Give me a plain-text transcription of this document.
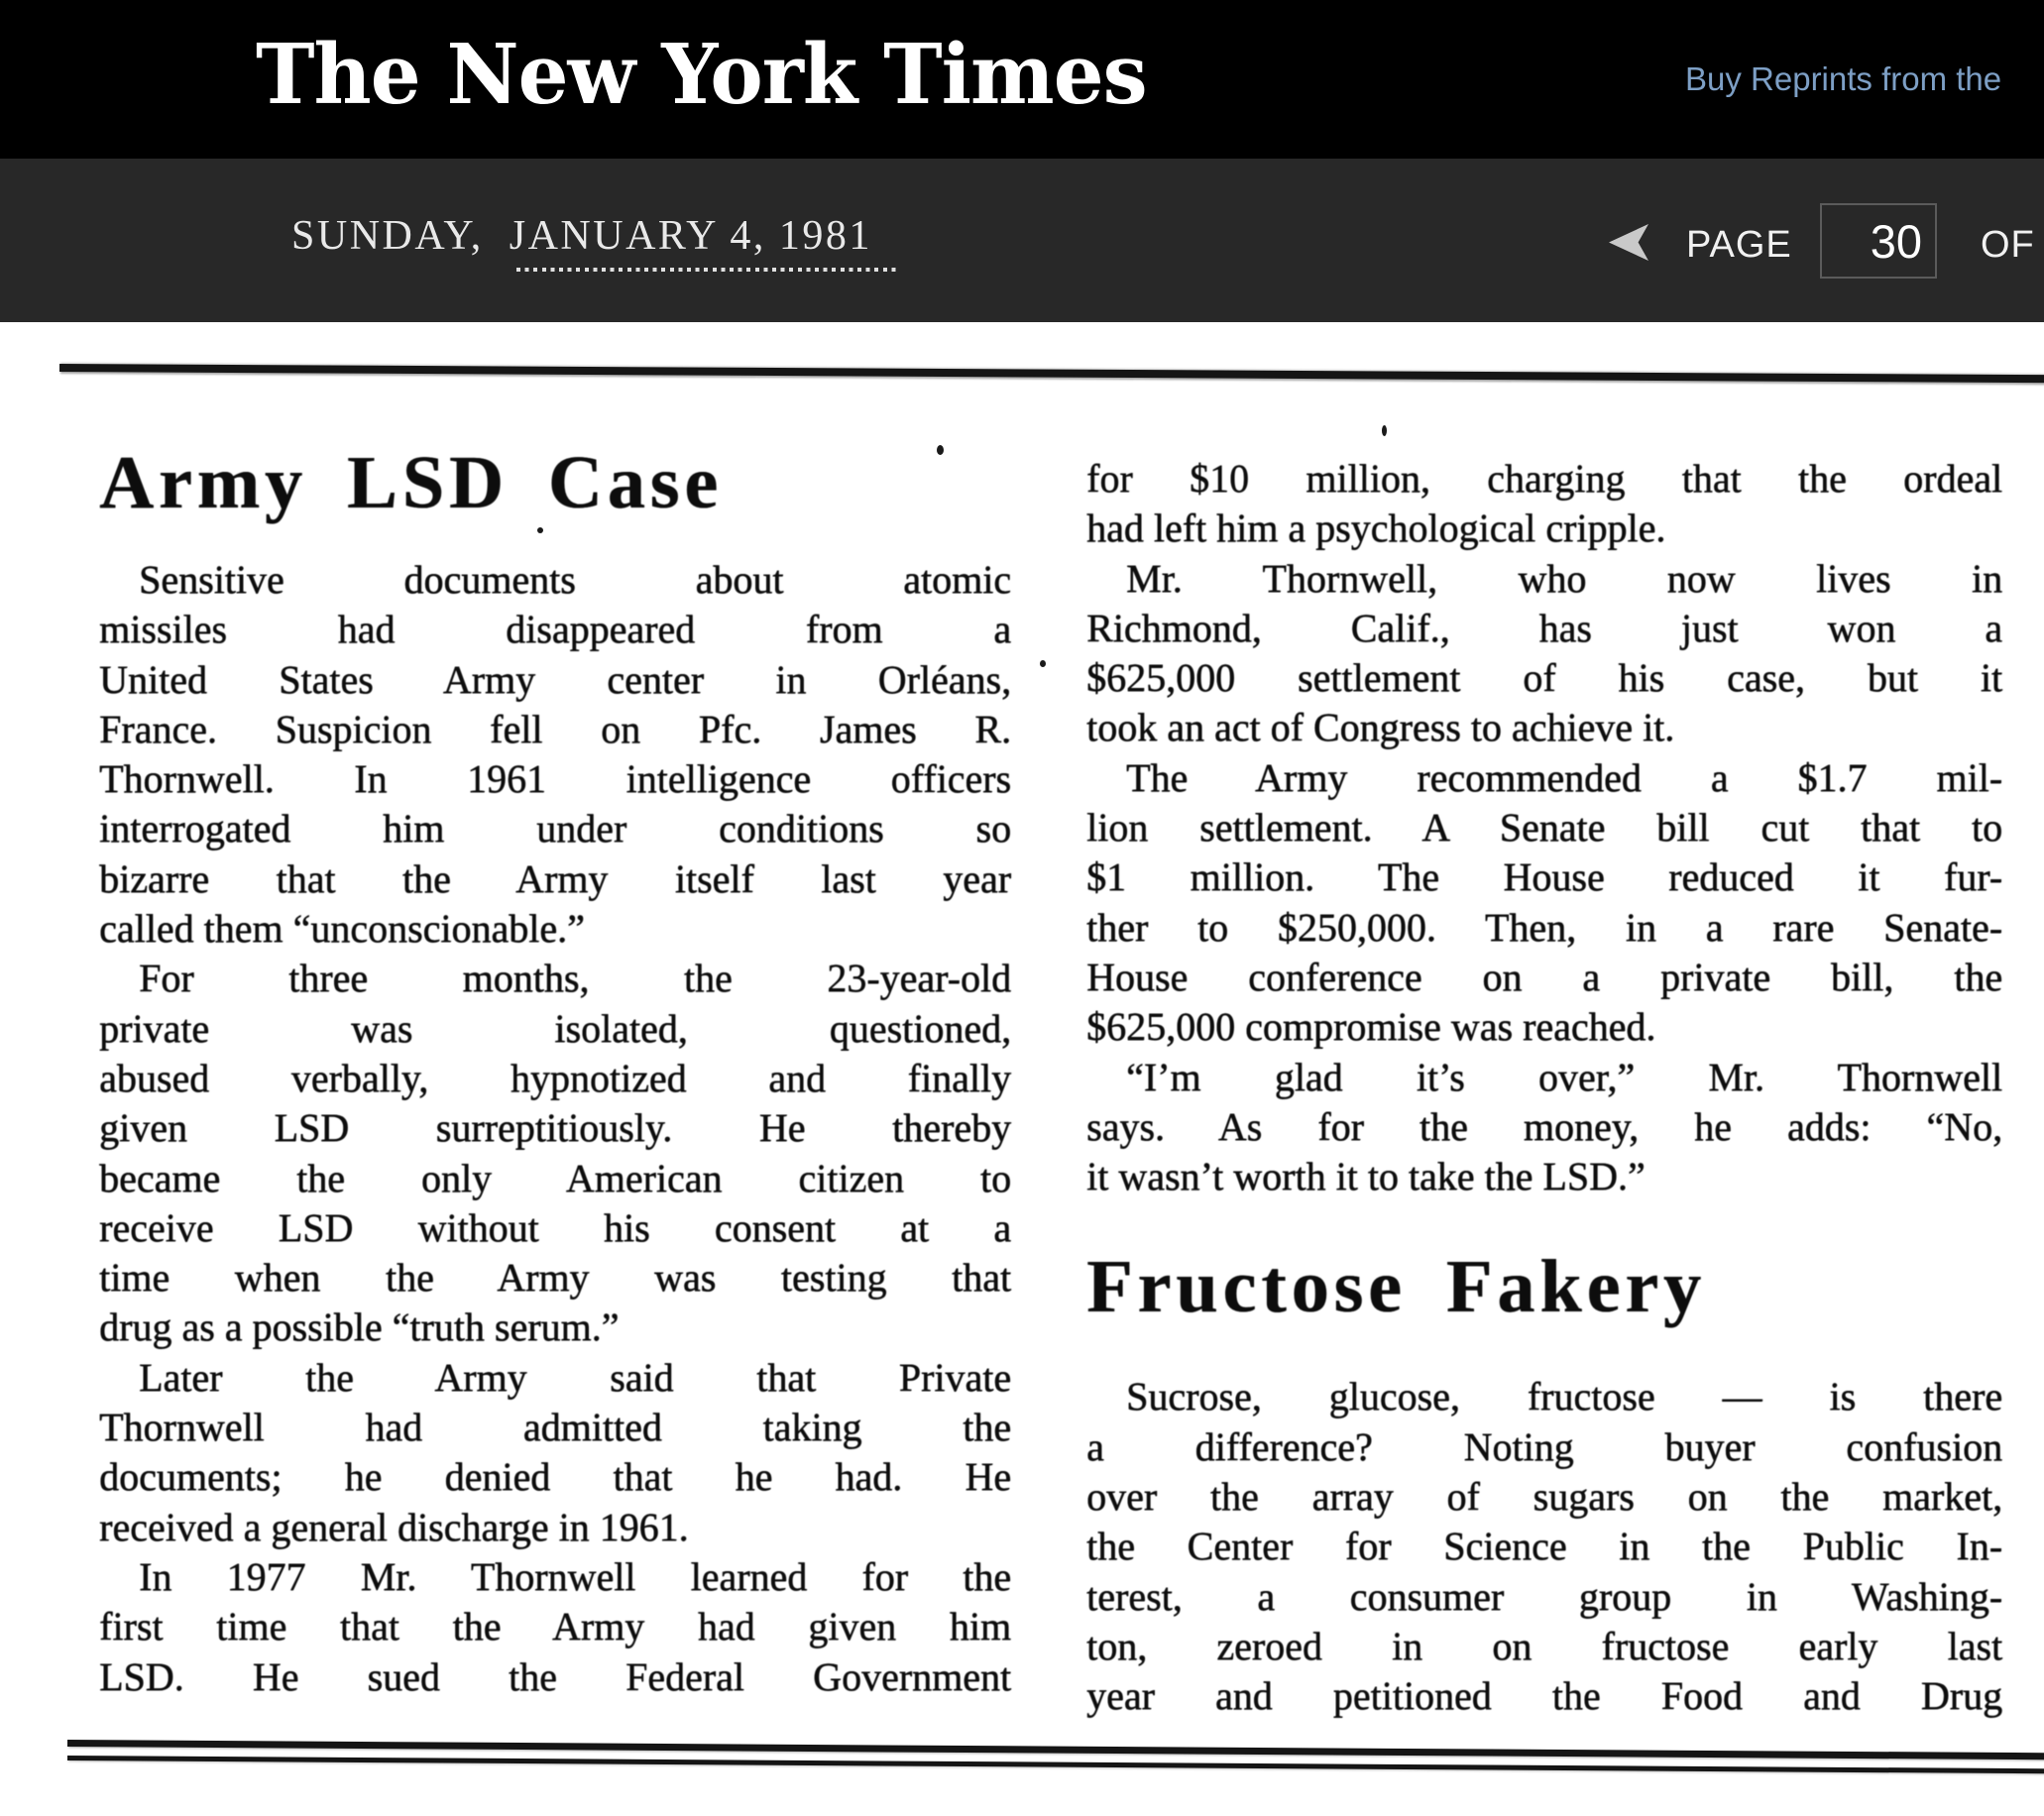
The New York Times	Buy Reprints from the
SUNDAY,  JANUARY 4, 1981	PAGE
30	OF
Army LSD Case
Sensitive documents about atomic
missiles had disappeared from a
United States Army center in Orléans,
France. Suspicion fell on Pfc. James R.
Thornwell. In 1961 intelligence officers
interrogated him under conditions so
bizarre that the Army itself last year
called them “unconscionable.”
For three months, the 23-year-old
private was isolated, questioned,
abused verbally, hypnotized and finally
given LSD surreptitiously. He thereby
became the only American citizen to
receive LSD without his consent at a
time when the Army was testing that
drug as a possible “truth serum.”
Later the Army said that Private
Thornwell had admitted taking the
documents; he denied that he had. He
received a general discharge in 1961.
In 1977 Mr. Thornwell learned for the
first time that the Army had given him
LSD. He sued the Federal Government
for $10 million, charging that the ordeal
had left him a psychological cripple.
Mr. Thornwell, who now lives in
Richmond, Calif., has just won a
$625,000 settlement of his case, but it
took an act of Congress to achieve it.
The Army recommended a $1.7 mil-
lion settlement. A Senate bill cut that to
$1 million. The House reduced it fur-
ther to $250,000. Then, in a rare Senate-
House conference on a private bill, the
$625,000 compromise was reached.
“I’m glad it’s over,” Mr. Thornwell
says. As for the money, he adds: “No,
it wasn’t worth it to take the LSD.”
Fructose Fakery
Sucrose, glucose, fructose — is there
a difference? Noting buyer confusion
over the array of sugars on the market,
the Center for Science in the Public In-
terest, a consumer group in Washing-
ton, zeroed in on fructose early last
year and petitioned the Food and Drug
